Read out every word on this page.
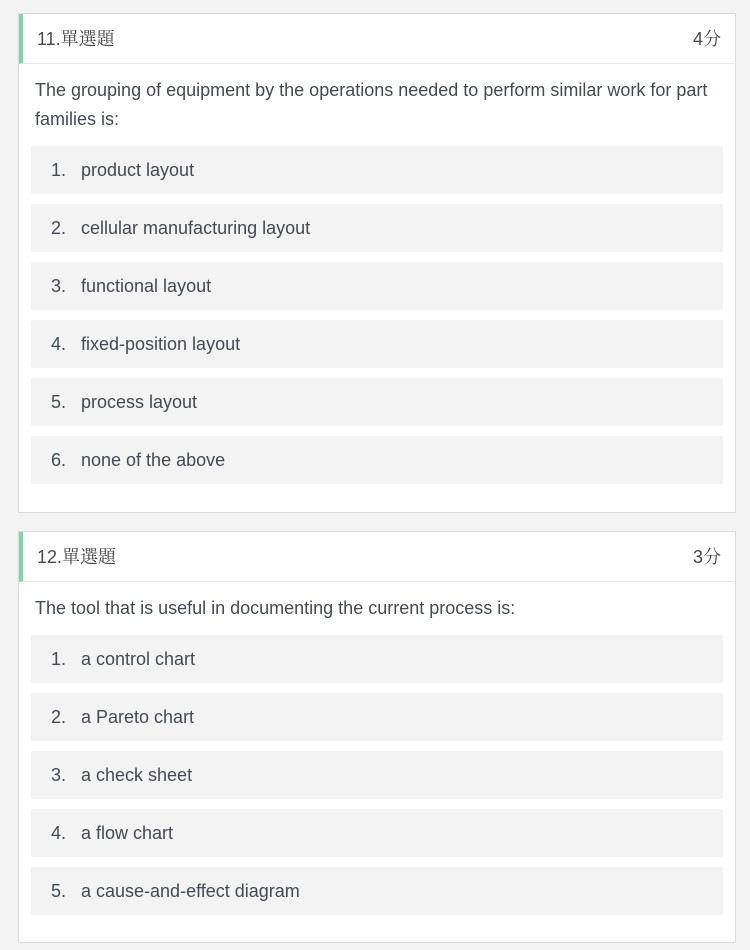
11.單選題	4分
The grouping of equipment by the operations needed to perform similar work for part families is:
1. product layout
2. cellular manufacturing layout
3. functional layout
4. fixed-position layout
5. process layout
6. none of the above
12.單選題	3分
The tool that is useful in documenting the current process is:
1. a control chart
2. a Pareto chart
3. a check sheet
4. a flow chart
5. a cause-and-effect diagram
